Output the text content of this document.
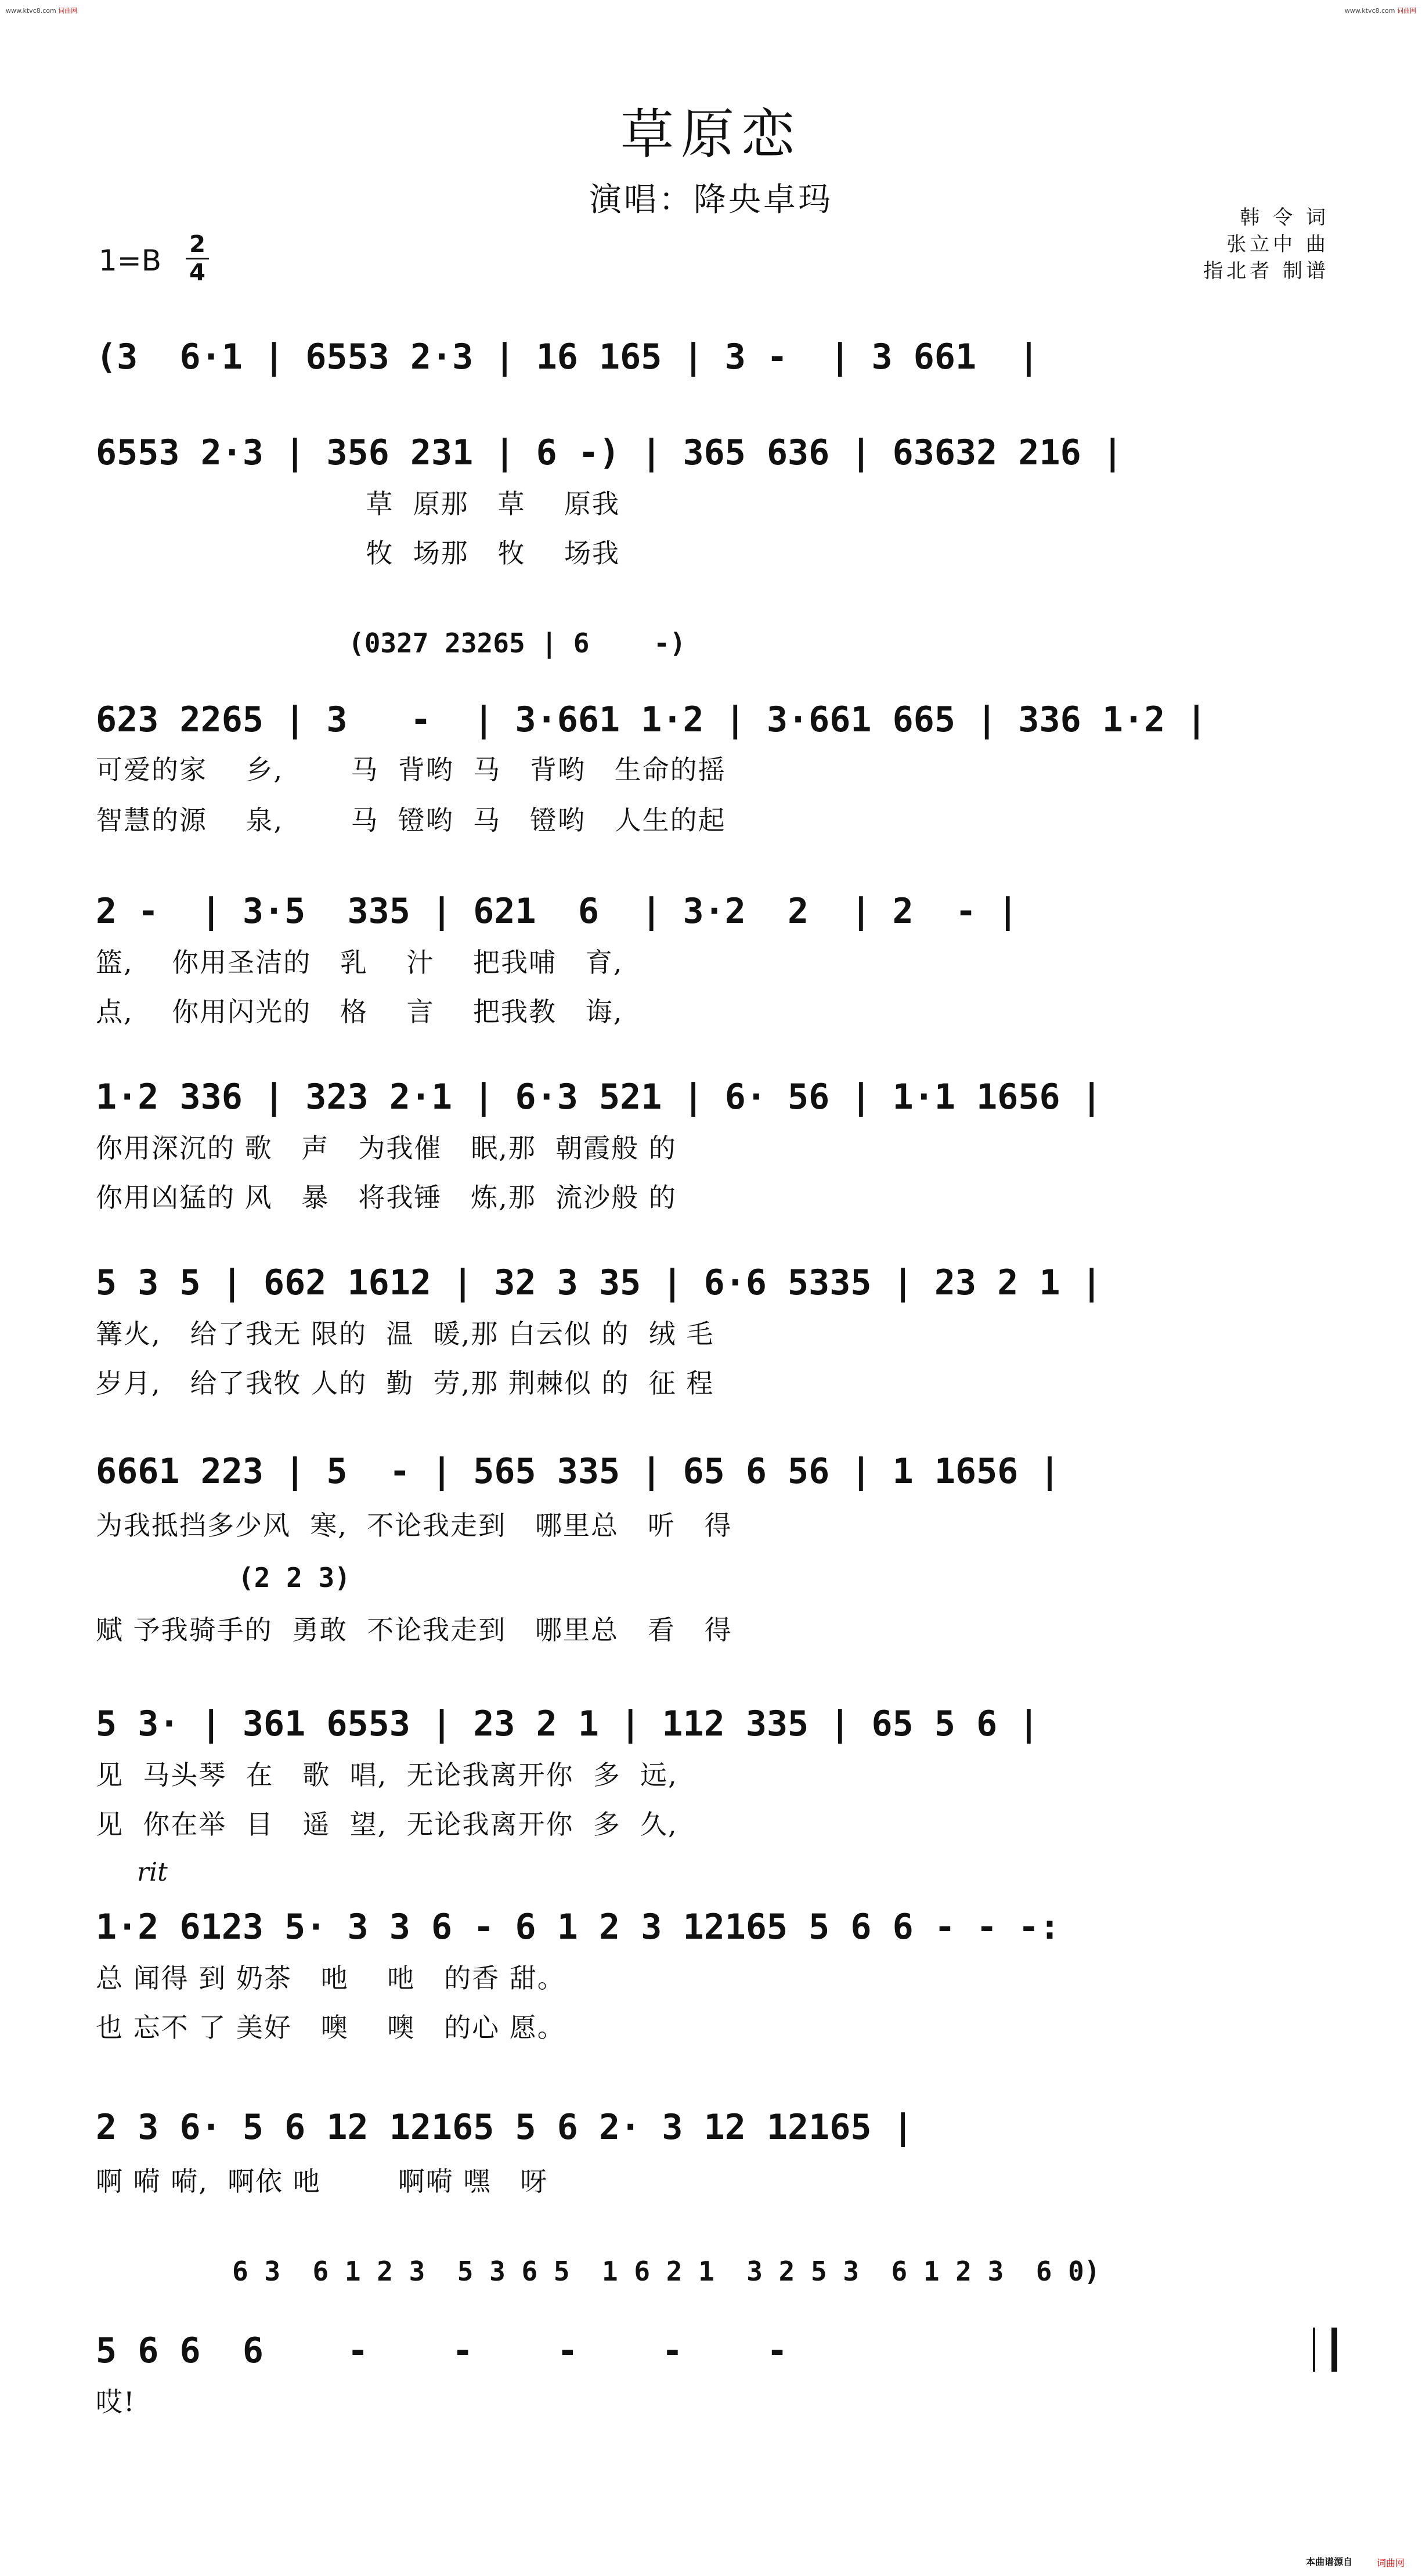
www.ktvc8.com 词曲网	www.ktvc8.com 词曲网
草原恋
演唱：降央卓玛	韩 令 词
张立中 曲
指北者 制谱
1=B 2
4
(3  6·1 | 6553 2·3 | 16 165 | 3 -  | 3 661  |
6553 2·3 | 356 231 | 6 -) | 365 636 | 63632 216 |
草  原那   草    原我
牧  场那   牧    场我
(0327 23265 | 6    -)
623 2265 | 3   -  | 3·661 1·2 | 3·661 665 | 336 1·2 |
可爱的家    乡,       马  背哟  马   背哟   生命的摇
智慧的源    泉,       马  镫哟  马   镫哟   人生的起
2 -  | 3·5  335 | 621  6  | 3·2  2  | 2  - |
篮,    你用圣洁的   乳    汁    把我哺   育,
点,    你用闪光的   格    言    把我教   诲,
1·2 336 | 323 2·1 | 6·3 521 | 6· 56 | 1·1 1656 |
你用深沉的 歌   声   为我催   眠,那  朝霞般 的
你用凶猛的 风   暴   将我锤   炼,那  流沙般 的
5 3 5 | 662 1612 | 32 3 35 | 6·6 5335 | 23 2 1 |
篝火,   给了我无 限的  温  暖,那 白云似 的  绒 毛
岁月,   给了我牧 人的  勤  劳,那 荆棘似 的  征 程
6661 223 | 5  - | 565 335 | 65 6 56 | 1 1656 |
为我抵挡多少风  寒,  不论我走到   哪里总   听   得
(2 2 3)
赋 予我骑手的  勇敢  不论我走到   哪里总   看   得
5 3· | 361 6553 | 23 2 1 | 112 335 | 65 5 6 |
见  马头琴  在   歌  唱,  无论我离开你  多  远,
见  你在举  目   遥  望,  无论我离开你  多  久,
rit
1·2 6123 5· 3 3 6 - 6 1 2 3 12165 5 6 6 - - -:
总 闻得 到 奶茶   吔    吔   的香 甜。
也 忘不 了 美好   噢    噢   的心 愿。
2 3 6· 5 6 12 12165 5 6 2· 3 12 12165 |
啊 嗬 嗬,  啊依 吔        啊嗬 嘿   呀
6 3  6 1 2 3  5 3 6 5  1 6 2 1  3 2 5 3  6 1 2 3  6 0)
5 6 6  6    -    -    -    -    -
哎!
本曲谱源自	词曲网
